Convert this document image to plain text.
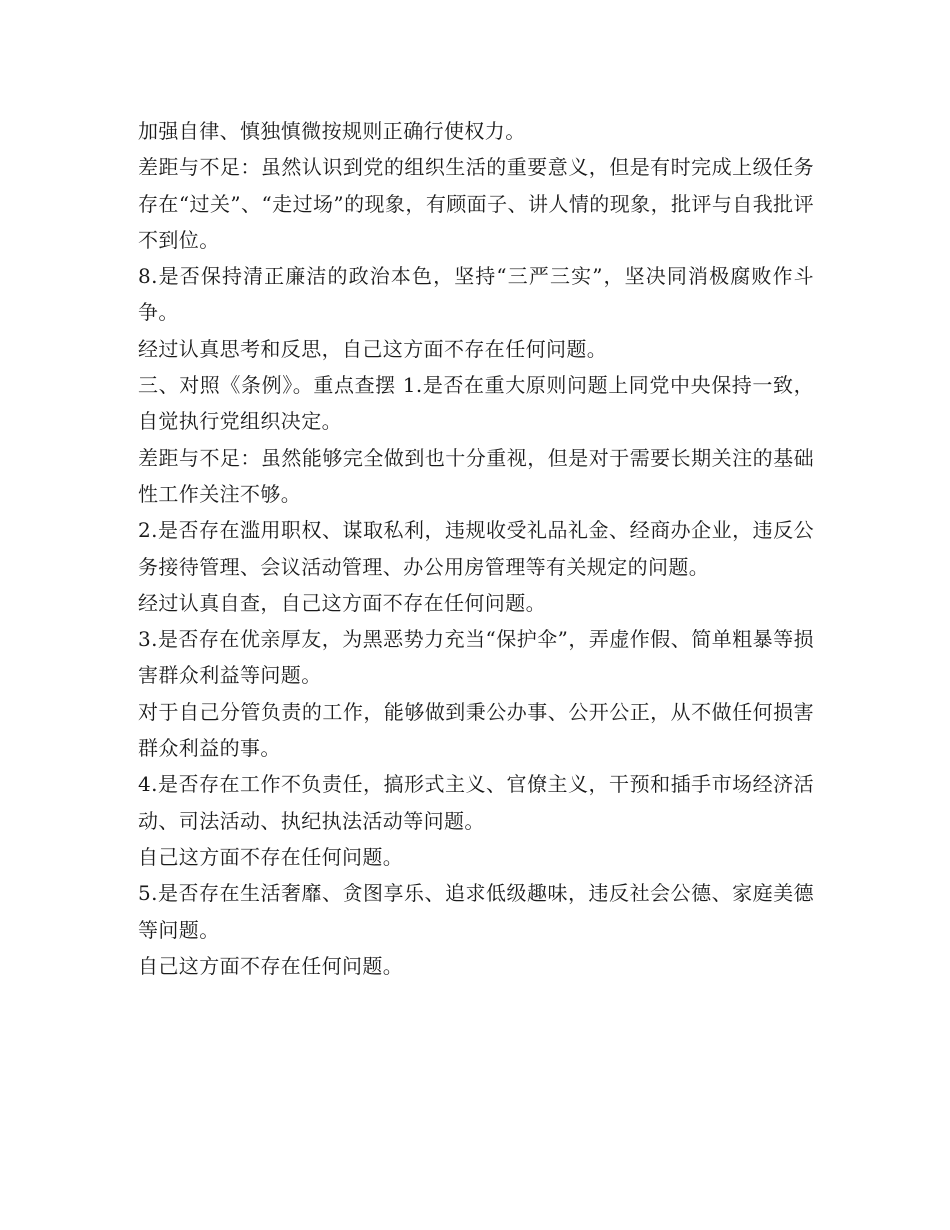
加强自律、慎独慎微按规则正确行使权力。

差距与不足：虽然认识到党的组织生活的重要意义，但是有时完成上级任务存在“过关”、“走过场”的现象，有顾面子、讲人情的现象，批评与自我批评不到位。

8.是否保持清正廉洁的政治本色，坚持“三严三实”，坚决同消极腐败作斗争。

经过认真思考和反思，自己这方面不存在任何问题。

三、对照《条例》。重点查摆 1.是否在重大原则问题上同党中央保持一致，自觉执行党组织决定。

差距与不足：虽然能够完全做到也十分重视，但是对于需要长期关注的基础性工作关注不够。

2.是否存在滥用职权、谋取私利，违规收受礼品礼金、经商办企业，违反公务接待管理、会议活动管理、办公用房管理等有关规定的问题。

经过认真自查，自己这方面不存在任何问题。

3.是否存在优亲厚友，为黑恶势力充当“保护伞”，弄虚作假、简单粗暴等损害群众利益等问题。

对于自己分管负责的工作，能够做到秉公办事、公开公正，从不做任何损害群众利益的事。

4.是否存在工作不负责任，搞形式主义、官僚主义，干预和插手市场经济活动、司法活动、执纪执法活动等问题。

自己这方面不存在任何问题。

5.是否存在生活奢靡、贪图享乐、追求低级趣味，违反社会公德、家庭美德等问题。

自己这方面不存在任何问题。
